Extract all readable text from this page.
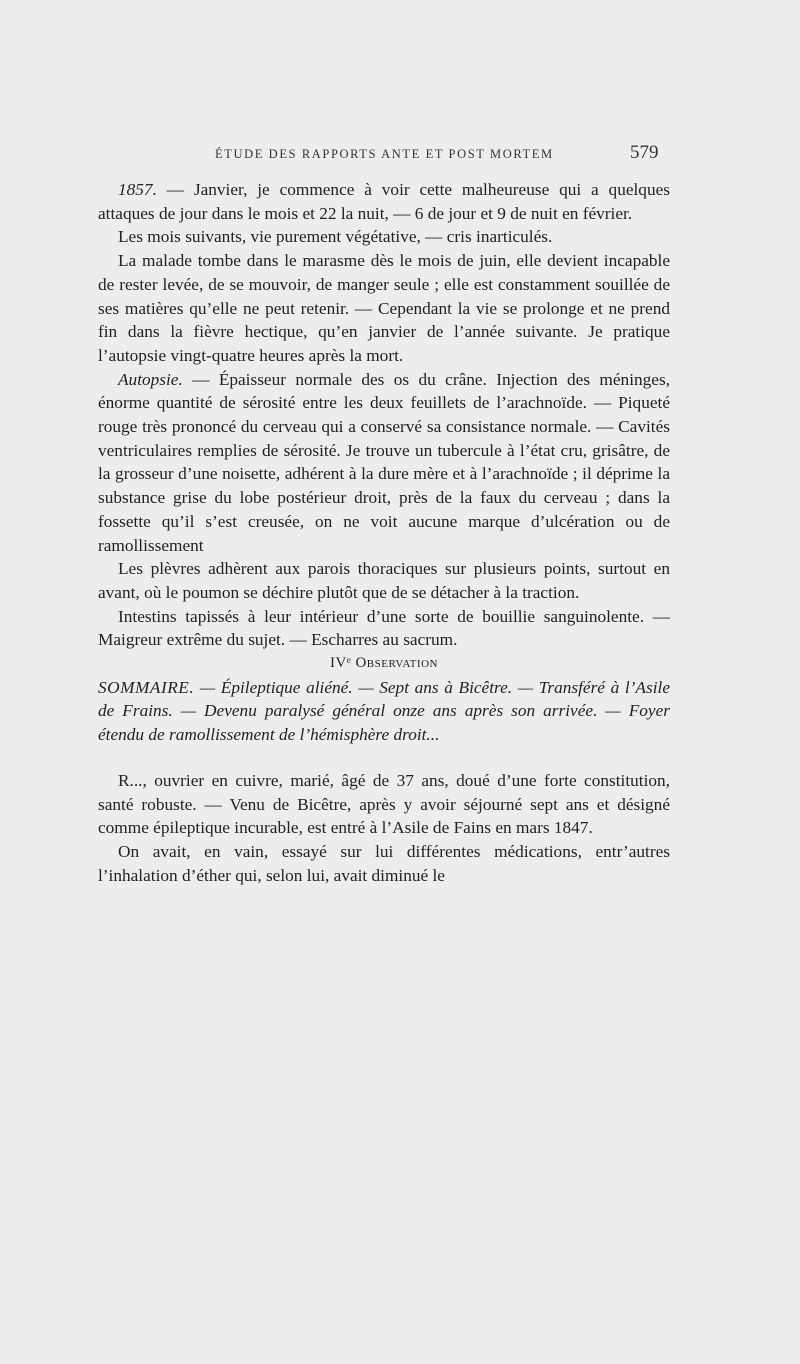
ÉTUDE DES RAPPORTS ANTE ET POST MORTEM	579

1857. — Janvier, je commence à voir cette malheureuse qui a quelques attaques de jour dans le mois et 22 la nuit, — 6 de jour et 9 de nuit en février.

Les mois suivants, vie purement végétative, — cris inarticulés.

La malade tombe dans le marasme dès le mois de juin, elle devient incapable de rester levée, de se mouvoir, de manger seule ; elle est constamment souillée de ses matières qu’elle ne peut retenir. — Cependant la vie se prolonge et ne prend fin dans la fièvre hectique, qu’en janvier de l’année suivante. Je pratique l’autopsie vingt-quatre heures après la mort.

Autopsie. — Épaisseur normale des os du crâne. Injection des méninges, énorme quantité de sérosité entre les deux feuillets de l’arachnoïde. — Piqueté rouge très prononcé du cerveau qui a conservé sa consistance normale. — Cavités ventriculaires remplies de sérosité. Je trouve un tubercule à l’état cru, grisâtre, de la grosseur d’une noisette, adhérent à la dure mère et à l’arachnoïde ; il déprime la substance grise du lobe postérieur droit, près de la faux du cerveau ; dans la fossette qu’il s’est creusée, on ne voit aucune marque d’ulcération ou de ramollissement

Les plèvres adhèrent aux parois thoraciques sur plusieurs points, surtout en avant, où le poumon se déchire plutôt que de se détacher à la traction.

Intestins tapissés à leur intérieur d’une sorte de bouillie sanguinolente. — Maigreur extrême du sujet. — Escharres au sacrum.

IVᵉ Observation

SOMMAIRE. — Épileptique aliéné. — Sept ans à Bicêtre. — Transféré à l’Asile de Frains. — Devenu paralysé général onze ans après son arrivée. — Foyer étendu de ramollissement de l’hémisphère droit...

R..., ouvrier en cuivre, marié, âgé de 37 ans, doué d’une forte constitution, santé robuste. — Venu de Bicêtre, après y avoir séjourné sept ans et désigné comme épileptique incurable, est entré à l’Asile de Fains en mars 1847.

On avait, en vain, essayé sur lui différentes médications, entr’autres l’inhalation d’éther qui, selon lui, avait diminué le
